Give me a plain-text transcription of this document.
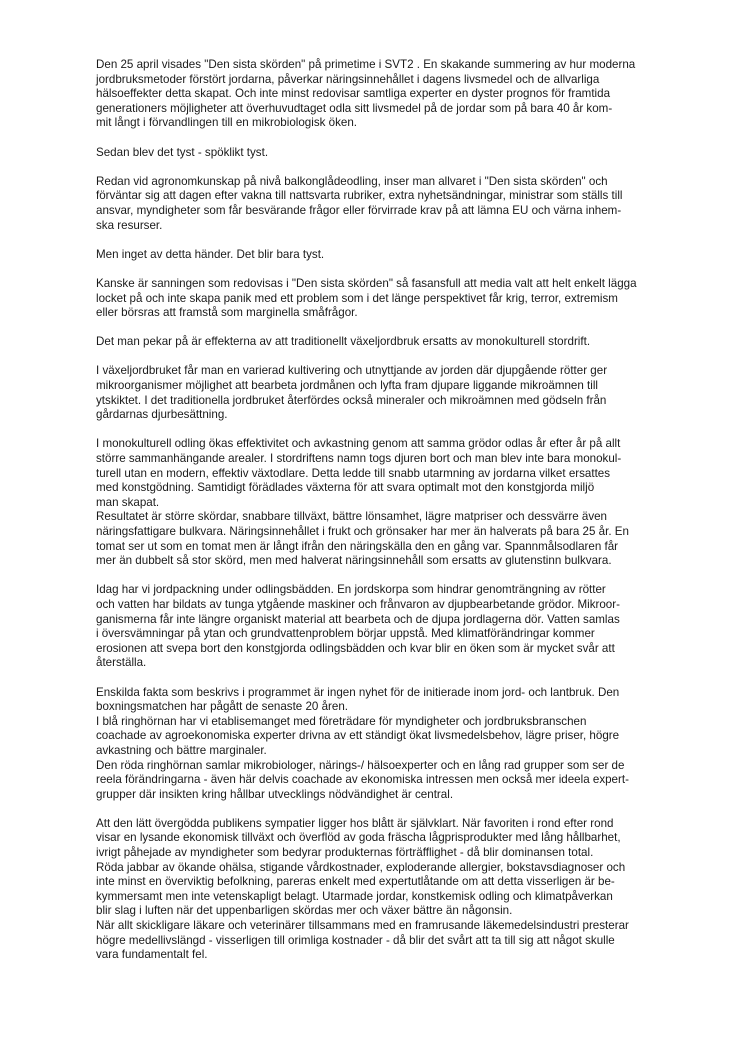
Den 25 april visades "Den sista skörden" på primetime i SVT2 . En skakande summering av hur moderna
jordbruksmetoder förstört jordarna, påverkar näringsinnehållet i dagens livsmedel och de allvarliga
hälsoeffekter detta skapat. Och inte minst redovisar samtliga experter en dyster prognos för framtida
generationers möjligheter att överhuvudtaget odla sitt livsmedel på de jordar som på bara 40 år kom-
mit långt i förvandlingen till en mikrobiologisk öken.

Sedan blev det tyst - spöklikt tyst.

Redan vid agronomkunskap på nivå balkonglådeodling, inser man allvaret i "Den sista skörden" och
förväntar sig att dagen efter vakna till nattsvarta rubriker, extra nyhetsändningar, ministrar som ställs till
ansvar, myndigheter som får besvärande frågor eller förvirrade krav på att lämna EU och värna inhem-
ska resurser.

Men inget av detta händer. Det blir bara tyst.

Kanske är sanningen som redovisas i "Den sista skörden" så fasansfull att media valt att helt enkelt lägga
locket på och inte skapa panik med ett problem som i det länge perspektivet får krig, terror, extremism
eller börsras att framstå som marginella småfrågor.

Det man pekar på är effekterna av att traditionellt växeljordbruk ersatts av monokulturell stordrift.

I växeljordbruket får man en varierad kultivering och utnyttjande av jorden där djupgående rötter ger
mikroorganismer möjlighet att bearbeta jordmånen och lyfta fram djupare liggande mikroämnen till
ytskiktet. I det traditionella jordbruket återfördes också mineraler och mikroämnen med gödseln från
gårdarnas djurbesättning.

I monokulturell odling ökas effektivitet och avkastning genom att samma grödor odlas år efter år på allt
större sammanhängande arealer. I stordriftens namn togs djuren bort och man blev inte bara monokul-
turell utan en modern, effektiv växtodlare. Detta ledde till snabb utarmning av jordarna vilket ersattes
med konstgödning. Samtidigt förädlades växterna för att svara optimalt mot den konstgjorda miljö
man skapat.
Resultatet är större skördar, snabbare tillväxt, bättre lönsamhet, lägre matpriser och dessvärre även
näringsfattigare bulkvara. Näringsinnehållet i frukt och grönsaker har mer än halverats på bara 25 år. En
tomat ser ut som en tomat men är långt ifrån den näringskälla den en gång var. Spannmålsodlaren får
mer än dubbelt så stor skörd, men med halverat näringsinnehåll som ersatts av glutenstinn bulkvara.

Idag har vi jordpackning under odlingsbädden. En jordskorpa som hindrar genomträngning av rötter
och vatten har bildats av tunga ytgående maskiner och frånvaron av djupbearbetande grödor. Mikroor-
ganismerna får inte längre organiskt material att bearbeta och de djupa jordlagerna dör. Vatten samlas
i översvämningar på ytan och grundvattenproblem börjar uppstå. Med klimatförändringar kommer
erosionen att svepa bort den konstgjorda odlingsbädden och kvar blir en öken som är mycket svår att
återställa.

Enskilda fakta som beskrivs i programmet är ingen nyhet för de initierade inom jord- och lantbruk. Den
boxningsmatchen har pågått de senaste 20 åren.
I blå ringhörnan har vi etablisemanget med företrädare för myndigheter och jordbruksbranschen
coachade av agroekonomiska experter drivna av ett ständigt ökat livsmedelsbehov, lägre priser, högre
avkastning och bättre marginaler.
Den röda ringhörnan samlar mikrobiologer, närings-/ hälsoexperter och en lång rad grupper som ser de
reela förändringarna - även här delvis coachade av ekonomiska intressen men också mer ideela expert-
grupper där insikten kring hållbar utvecklings nödvändighet är central.

Att den lätt övergödda publikens sympatier ligger hos blått är självklart. När favoriten i rond efter rond
visar en lysande ekonomisk tillväxt och överflöd av goda fräscha lågprisprodukter med lång hållbarhet,
ivrigt påhejade av myndigheter som bedyrar produkternas förträfflighet - då blir dominansen total.
Röda jabbar av ökande ohälsa, stigande vårdkostnader, exploderande allergier, bokstavsdiagnoser och
inte minst en överviktig befolkning, pareras enkelt med expertutlåtande om att detta visserligen är be-
kymmersamt men inte vetenskapligt belagt. Utarmade jordar, konstkemisk odling och klimatpåverkan
blir slag i luften när det uppenbarligen skördas mer och växer bättre än någonsin.
När allt skickligare läkare och veterinärer tillsammans med en framrusande läkemedelsindustri presterar
högre medellivslängd - visserligen till orimliga kostnader - då blir det svårt att ta till sig att något skulle
vara fundamentalt fel.
